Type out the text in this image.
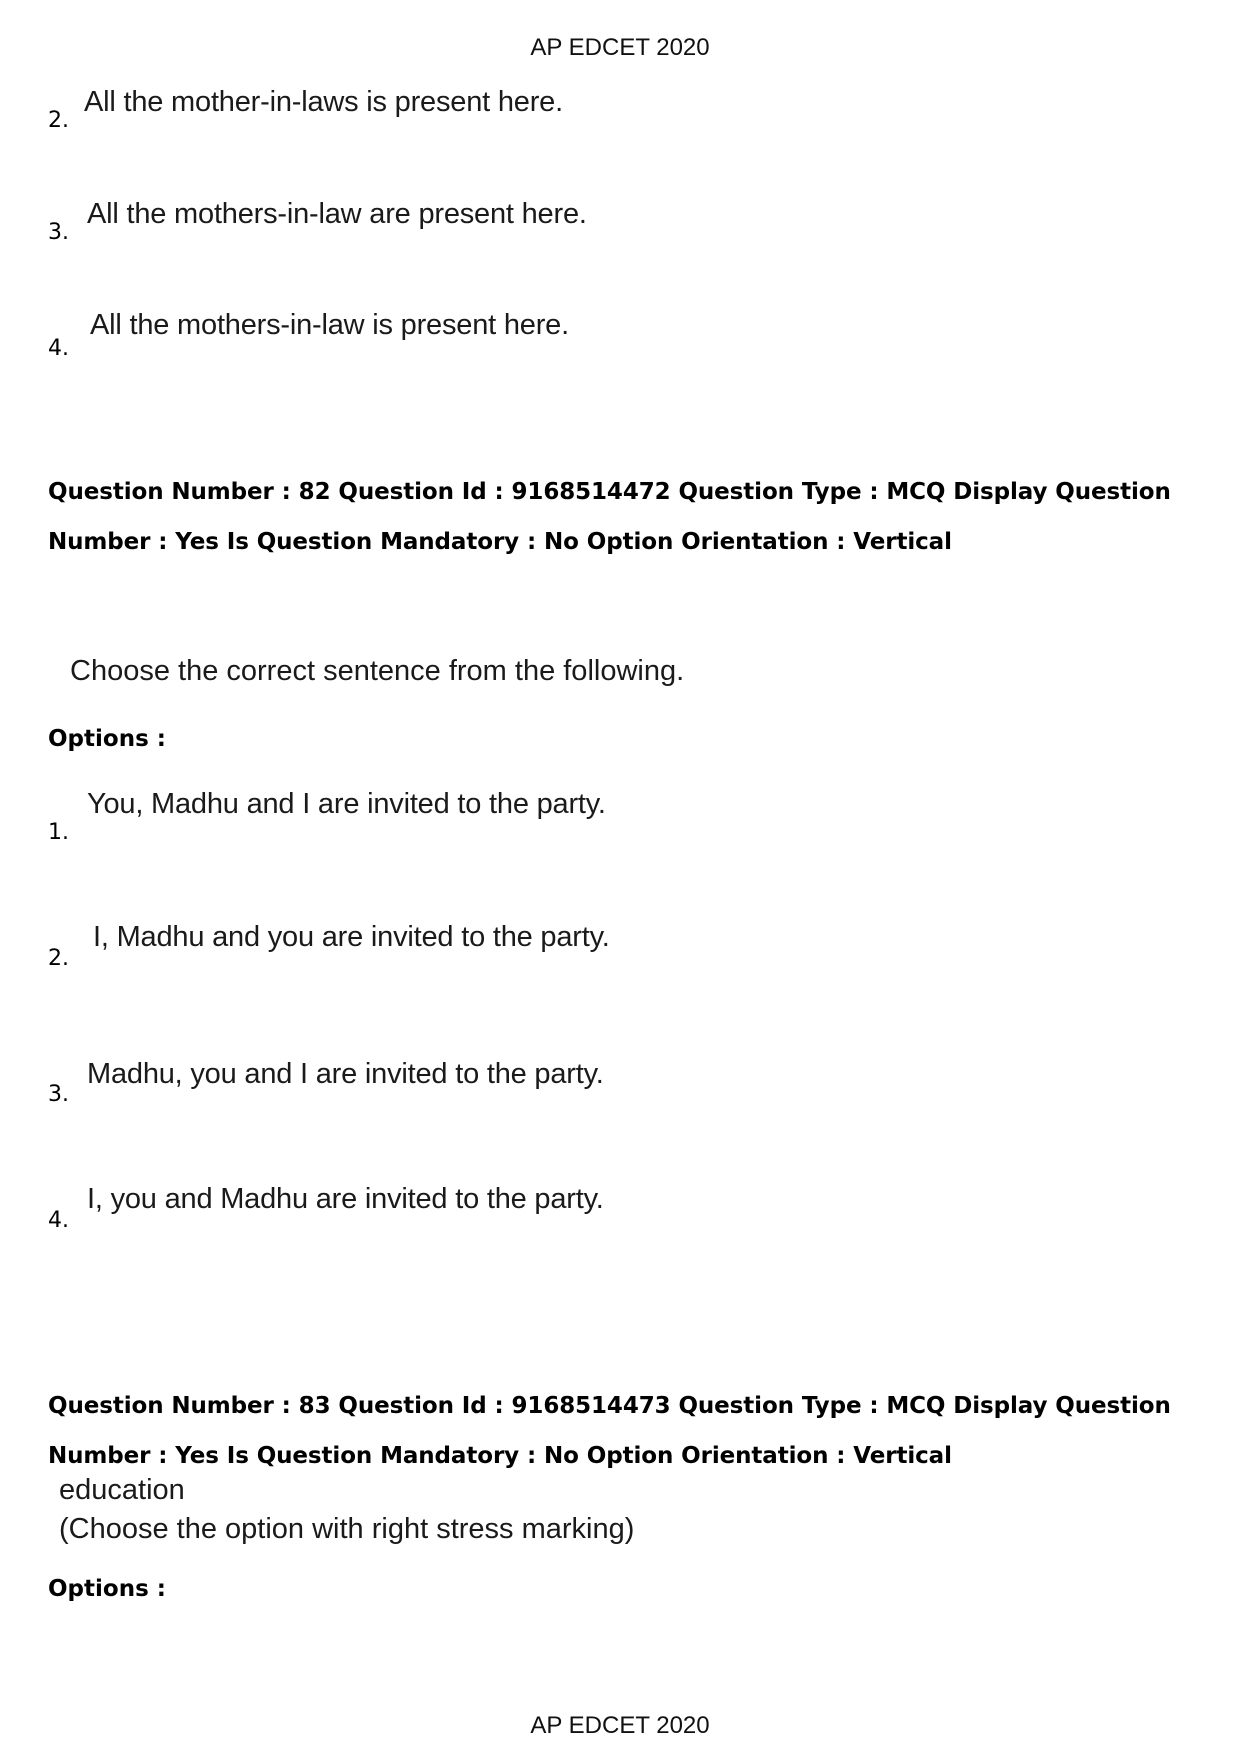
AP EDCET 2020
2.
All the mother-in-laws is present here.
3.
All the mothers-in-law are present here.
4.
All the mothers-in-law is present here.
Question Number : 82 Question Id : 9168514472 Question Type : MCQ Display Question
Number : Yes Is Question Mandatory : No Option Orientation : Vertical
Choose the correct sentence from the following.
Options :
1.
You, Madhu and I are invited to the party.
2.
I, Madhu and you are invited to the party.
3.
Madhu, you and I are invited to the party.
4.
I, you and Madhu are invited to the party.
Question Number : 83 Question Id : 9168514473 Question Type : MCQ Display Question
Number : Yes Is Question Mandatory : No Option Orientation : Vertical
education
(Choose the option with right stress marking)
Options :
AP EDCET 2020
